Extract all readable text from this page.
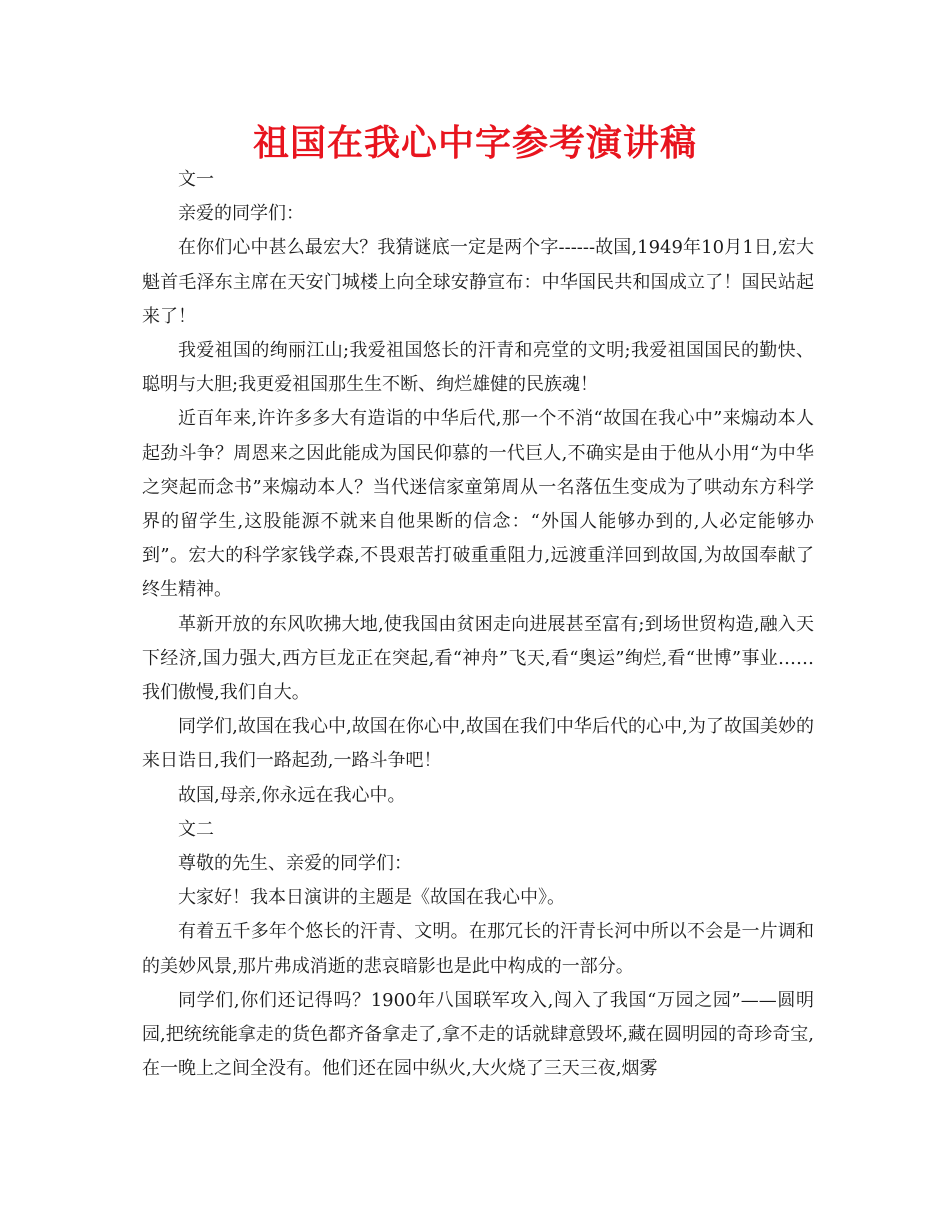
祖国在我心中字参考演讲稿

文一

亲爱的同学们：

在你们心中甚么最宏大？我猜谜底一定是两个字------故国,1949年10月1日,宏大魁首毛泽东主席在天安门城楼上向全球安静宣布：中华国民共和国成立了！国民站起来了！

我爱祖国的绚丽江山;我爱祖国悠长的汗青和亮堂的文明;我爱祖国国民的勤快、聪明与大胆;我更爱祖国那生生不断、绚烂雄健的民族魂！

近百年来,许许多多大有造诣的中华后代,那一个不消“故国在我心中”来煽动本人起劲斗争？周恩来之因此能成为国民仰慕的一代巨人,不确实是由于他从小用“为中华之突起而念书”来煽动本人？当代迷信家童第周从一名落伍生变成为了哄动东方科学界的留学生,这股能源不就来自他果断的信念：“外国人能够办到的,人必定能够办到”。宏大的科学家钱学森,不畏艰苦打破重重阻力,远渡重洋回到故国,为故国奉献了终生精神。

革新开放的东风吹拂大地,使我国由贫困走向进展甚至富有;到场世贸构造,融入天下经济,国力强大,西方巨龙正在突起,看“神舟”飞天,看“奥运”绚烂,看“世博”事业……我们傲慢,我们自大。

同学们,故国在我心中,故国在你心中,故国在我们中华后代的心中,为了故国美妙的来日诰日,我们一路起劲,一路斗争吧！

故国,母亲,你永远在我心中。

文二

尊敬的先生、亲爱的同学们：

大家好！我本日演讲的主题是《故国在我心中》。

有着五千多年个悠长的汗青、文明。在那冗长的汗青长河中所以不会是一片调和的美妙风景,那片弗成消逝的悲哀暗影也是此中构成的一部分。

同学们,你们还记得吗？1900年八国联军攻入,闯入了我国“万园之园”——圆明园,把统统能拿走的货色都齐备拿走了,拿不走的话就肆意毁坏,藏在圆明园的奇珍奇宝,在一晚上之间全没有。他们还在园中纵火,大火烧了三天三夜,烟雾
